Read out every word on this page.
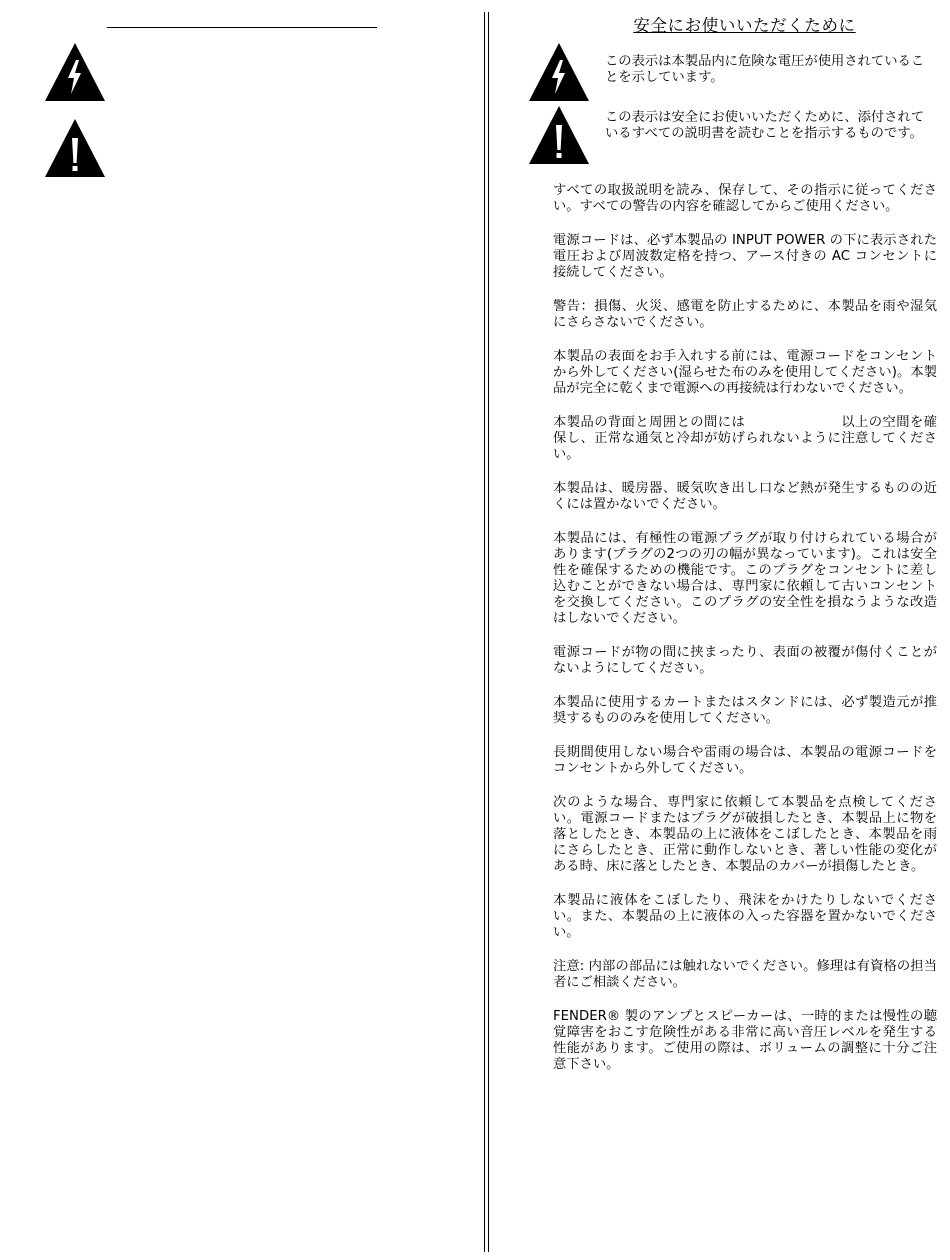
安全にお使いいただくために
この表示は本製品内に危険な電圧が使用されていることを示しています。
この表示は安全にお使いいただくために、添付されているすべての説明書を読むことを指示するものです。

すべての取扱説明を読み、保存して、その指示に従ってください。すべての警告の内容を確認してからご使用ください。

電源コードは、必ず本製品の INPUT POWER の下に表示された電圧および周波数定格を持つ、アース付きの AC コンセントに接続してください。

警告：損傷、火災、感電を防止するために、本製品を雨や湿気にさらさないでください。

本製品の表面をお手入れする前には、電源コードをコンセントから外してください(湿らせた布のみを使用してください)。本製品が完全に乾くまで電源への再接続は行わないでください。

本製品の背面と周囲との間には　　　　　　　以上の空間を確保し、正常な通気と冷却が妨げられないように注意してください。

本製品は、暖房器、暖気吹き出し口など熱が発生するものの近くには置かないでください。

本製品には、有極性の電源プラグが取り付けられている場合があります(プラグの2つの刃の幅が異なっています)。これは安全性を確保するための機能です。このプラグをコンセントに差し込むことができない場合は、専門家に依頼して古いコンセントを交換してください。このプラグの安全性を損なうような改造はしないでください。

電源コードが物の間に挟まったり、表面の被覆が傷付くことがないようにしてください。

本製品に使用するカートまたはスタンドには、必ず製造元が推奨するもののみを使用してください。

長期間使用しない場合や雷雨の場合は、本製品の電源コードをコンセントから外してください。

次のような場合、専門家に依頼して本製品を点検してください。電源コードまたはプラグが破損したとき、本製品上に物を落としたとき、本製品の上に液体をこぼしたとき、本製品を雨にさらしたとき、正常に動作しないとき、著しい性能の変化がある時、床に落としたとき、本製品のカバーが損傷したとき。

本製品に液体をこぼしたり、飛沫をかけたりしないでください。また、本製品の上に液体の入った容器を置かないでください。

注意: 内部の部品には触れないでください。修理は有資格の担当者にご相談ください。

FENDER® 製のアンプとスピーカーは、一時的または慢性の聴覚障害をおこす危険性がある非常に高い音圧レベルを発生する性能があります。ご使用の際は、ボリュームの調整に十分ご注意下さい。
